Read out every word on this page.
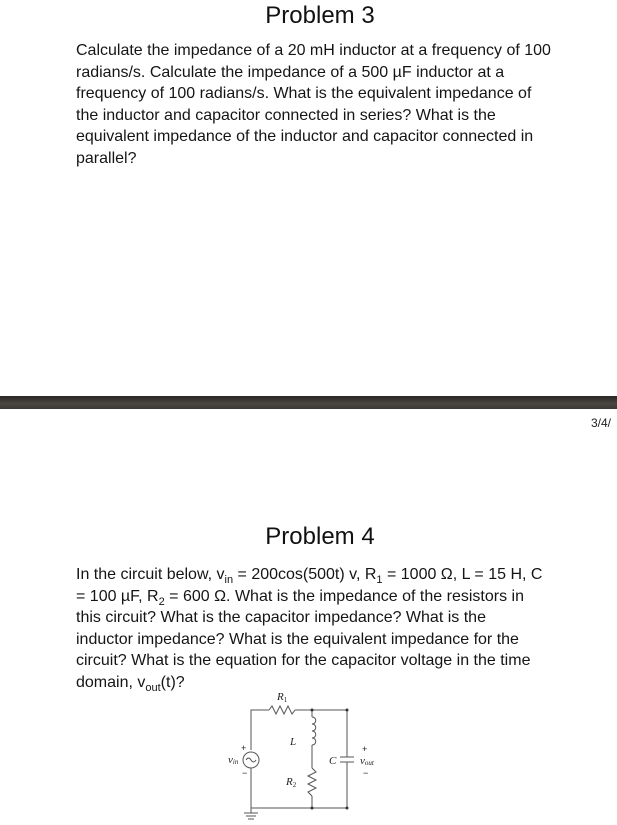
Problem 3
Calculate the impedance of a 20 mH inductor at a frequency of 100 radians/s. Calculate the impedance of a 500 µF inductor at a frequency of 100 radians/s. What is the equivalent impedance of the inductor and capacitor connected in series? What is the equivalent impedance of the inductor and capacitor connected in parallel?
3/4/
Problem 4
In the circuit below, $v_{in} = 200\cos(500t)$ v, $R_1 = 1000$ Ω, L = 15 H, C = 100 µF, $R_2 = 600$ Ω. What is the impedance of the resistors in this circuit? What is the capacitor impedance? What is the inductor impedance? What is the equivalent impedance for the circuit? What is the equation for the capacitor voltage in the time domain, $v_{out}(t)$?
R1
L
R2
C
vin	vout
+
−
+
−
